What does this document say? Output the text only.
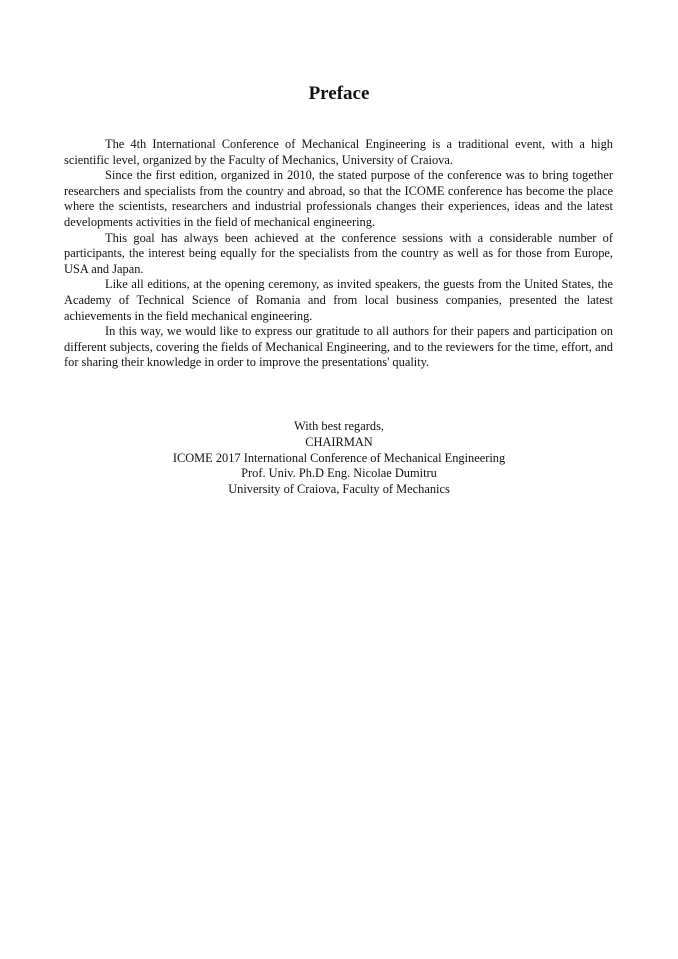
Preface

The 4th International Conference of Mechanical Engineering is a traditional event, with a high scientific level, organized by the Faculty of Mechanics, University of Craiova.

Since the first edition, organized in 2010, the stated purpose of the conference was to bring together researchers and specialists from the country and abroad, so that the ICOME conference has become the place where the scientists, researchers and industrial professionals changes their experiences, ideas and the latest developments activities in the field of mechanical engineering.

This goal has always been achieved at the conference sessions with a considerable number of participants, the interest being equally for the specialists from the country as well as for those from Europe, USA and Japan.

Like all editions, at the opening ceremony, as invited speakers, the guests from the United States, the Academy of Technical Science of Romania and from local business companies, presented the latest achievements in the field mechanical engineering.

In this way, we would like to express our gratitude to all authors for their papers and participation on different subjects, covering the fields of Mechanical Engineering, and to the reviewers for the time, effort, and for sharing their knowledge in order to improve the presentations' quality.

With best regards,
CHAIRMAN
ICOME 2017 International Conference of Mechanical Engineering
Prof. Univ. Ph.D Eng. Nicolae Dumitru
University of Craiova, Faculty of Mechanics
